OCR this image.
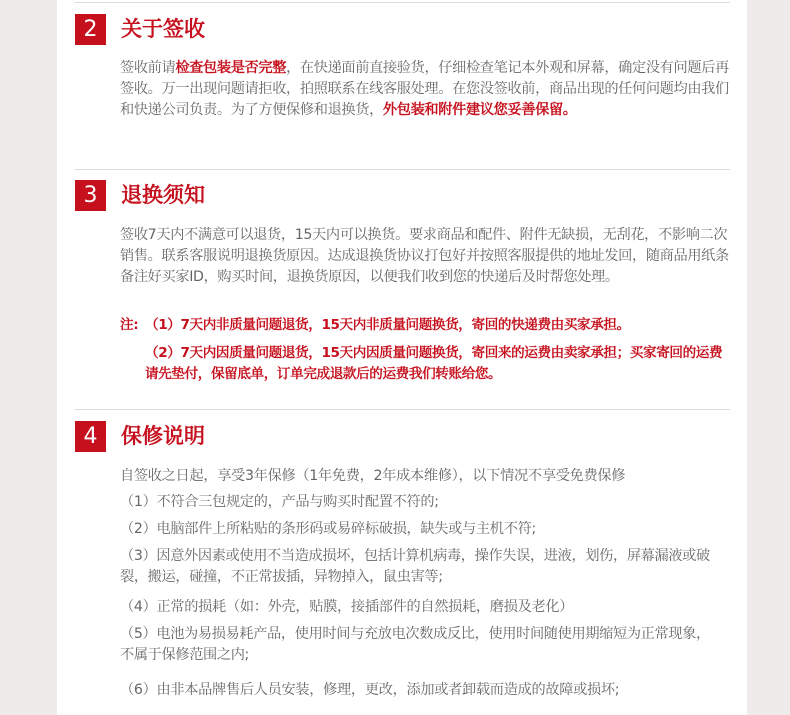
2	关于签收
签收前请检查包装是否完整，在快递面前直接验货，仔细检查笔记本外观和屏幕，确定没有问题后再签收。万一出现问题请拒收，拍照联系在线客服处理。在您没签收前，商品出现的任何问题均由我们和快递公司负责。为了方便保修和退换货，外包装和附件建议您妥善保留。
3	退换须知
签收7天内不满意可以退货，15天内可以换货。要求商品和配件、附件无缺损，无刮花，不影响二次销售。联系客服说明退换货原因。达成退换货协议打包好并按照客服提供的地址发回，随商品用纸条备注好买家ID，购买时间，退换货原因，以便我们收到您的快递后及时帮您处理。
注: （1）7天内非质量问题退货，15天内非质量问题换货，寄回的快递费由买家承担。
（2）7天内因质量问题退货，15天内因质量问题换货，寄回来的运费由卖家承担；买家寄回的运费请先垫付，保留底单，订单完成退款后的运费我们转账给您。
4	保修说明
自签收之日起，享受3年保修（1年免费，2年成本维修），以下情况不享受免费保修
（1）不符合三包规定的，产品与购买时配置不符的;
（2）电脑部件上所粘贴的条形码或易碎标破损，缺失或与主机不符;
（3）因意外因素或使用不当造成损坏，包括计算机病毒，操作失误，进液，划伤，屏幕漏液或破裂，搬运，碰撞，不正常拔插，异物掉入，鼠虫害等;
（4）正常的损耗（如：外壳，贴膜，接插部件的自然损耗，磨损及老化）
（5）电池为易损易耗产品，使用时间与充放电次数成反比，使用时间随使用期缩短为正常现象，不属于保修范围之内;
（6）由非本品牌售后人员安装，修理，更改，添加或者卸载而造成的故障或损坏;
